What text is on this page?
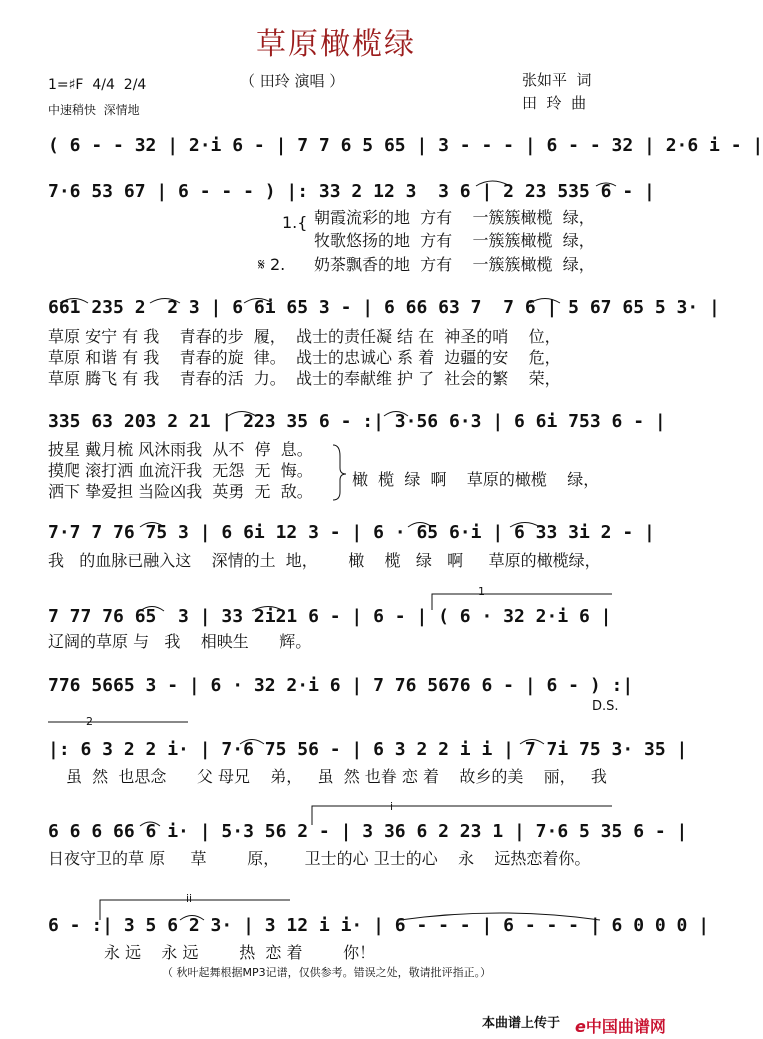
草原橄榄绿
（ 田玲 演唱 ）	张如平  词
田  玲  曲
1=♯F  4/4  2/4
中速稍快  深情地
( 6 - - 32 | 2·i 6 - | 7 7 6 5 65 | 3 - - - | 6 - - 32 | 2·6 i - |
7·6 53 67 | 6 - - - ) |: 33 2 12 3  3 6 | 2 23 535 6 - |
1.{ 朝霞流彩的地  方有    一簇簇橄榄  绿，
牧歌悠扬的地  方有    一簇簇橄榄  绿，
𝄋 2. 奶茶飘香的地  方有    一簇簇橄榄  绿，
661 235 2  2 3 | 6 6i 65 3 - | 6 66 63 7  7 6 | 5 67 65 5 3· |
草原 安宁 有 我    青春的步  履，  战士的责任凝 结 在  神圣的哨    位，
草原 和谐 有 我    青春的旋  律。  战士的忠诚心 系 着  边疆的安    危，
草原 腾飞 有 我    青春的活  力。  战士的奉献维 护 了  社会的繁    荣，
335 63 203 2 21 | 223 35 6 - :| 3·56 6·3 | 6 6i 753 6 - |
披星 戴月梳 风沐雨我  从不  停  息。
摸爬 滚打洒 血流汗我  无怨  无  悔。
洒下 挚爱担 当险凶我  英勇  无  敌。
橄  榄  绿  啊    草原的橄榄    绿，
7·7 7 76 75 3 | 6 6i 12 3 - | 6 · 65 6·i | 6 33 3i 2 - |
我   的血脉已融入这    深情的土  地，      橄    榄   绿   啊     草原的橄榄绿，
1
7 77 76 65  3 | 33 2i21 6 - | 6 - | ( 6 · 32 2·i 6 |
辽阔的草原 与   我    相映生      辉。
776 5665 3 - | 6 · 32 2·i 6 | 7 76 5676 6 - | 6 - ) :|
D.S.
2
|: 6 3 2 2 i· | 7·6 75 56 - | 6 3 2 2 i i | 7 7i 75 3· 35 |
虽  然  也思念      父 母兄    弟，   虽  然 也眷 恋 着    故乡的美    丽，   我
i
6 6 6 66 6 i· | 5·3 56 2 - | 3 36 6 2 23 1 | 7·6 5 35 6 - |
日夜守卫的草 原     草        原，     卫士的心 卫士的心    永    远热恋着你。
ii
6 - :| 3 5 6 2 3· | 3 12 i i· | 6 - - - | 6 - - - | 6 0 0 0 |
永 远    永 远        热  恋 着        你！
（ 秋叶起舞根据MP3记谱，仅供参考。错误之处，敬请批评指正。）
本曲谱上传于 e中国曲谱网
